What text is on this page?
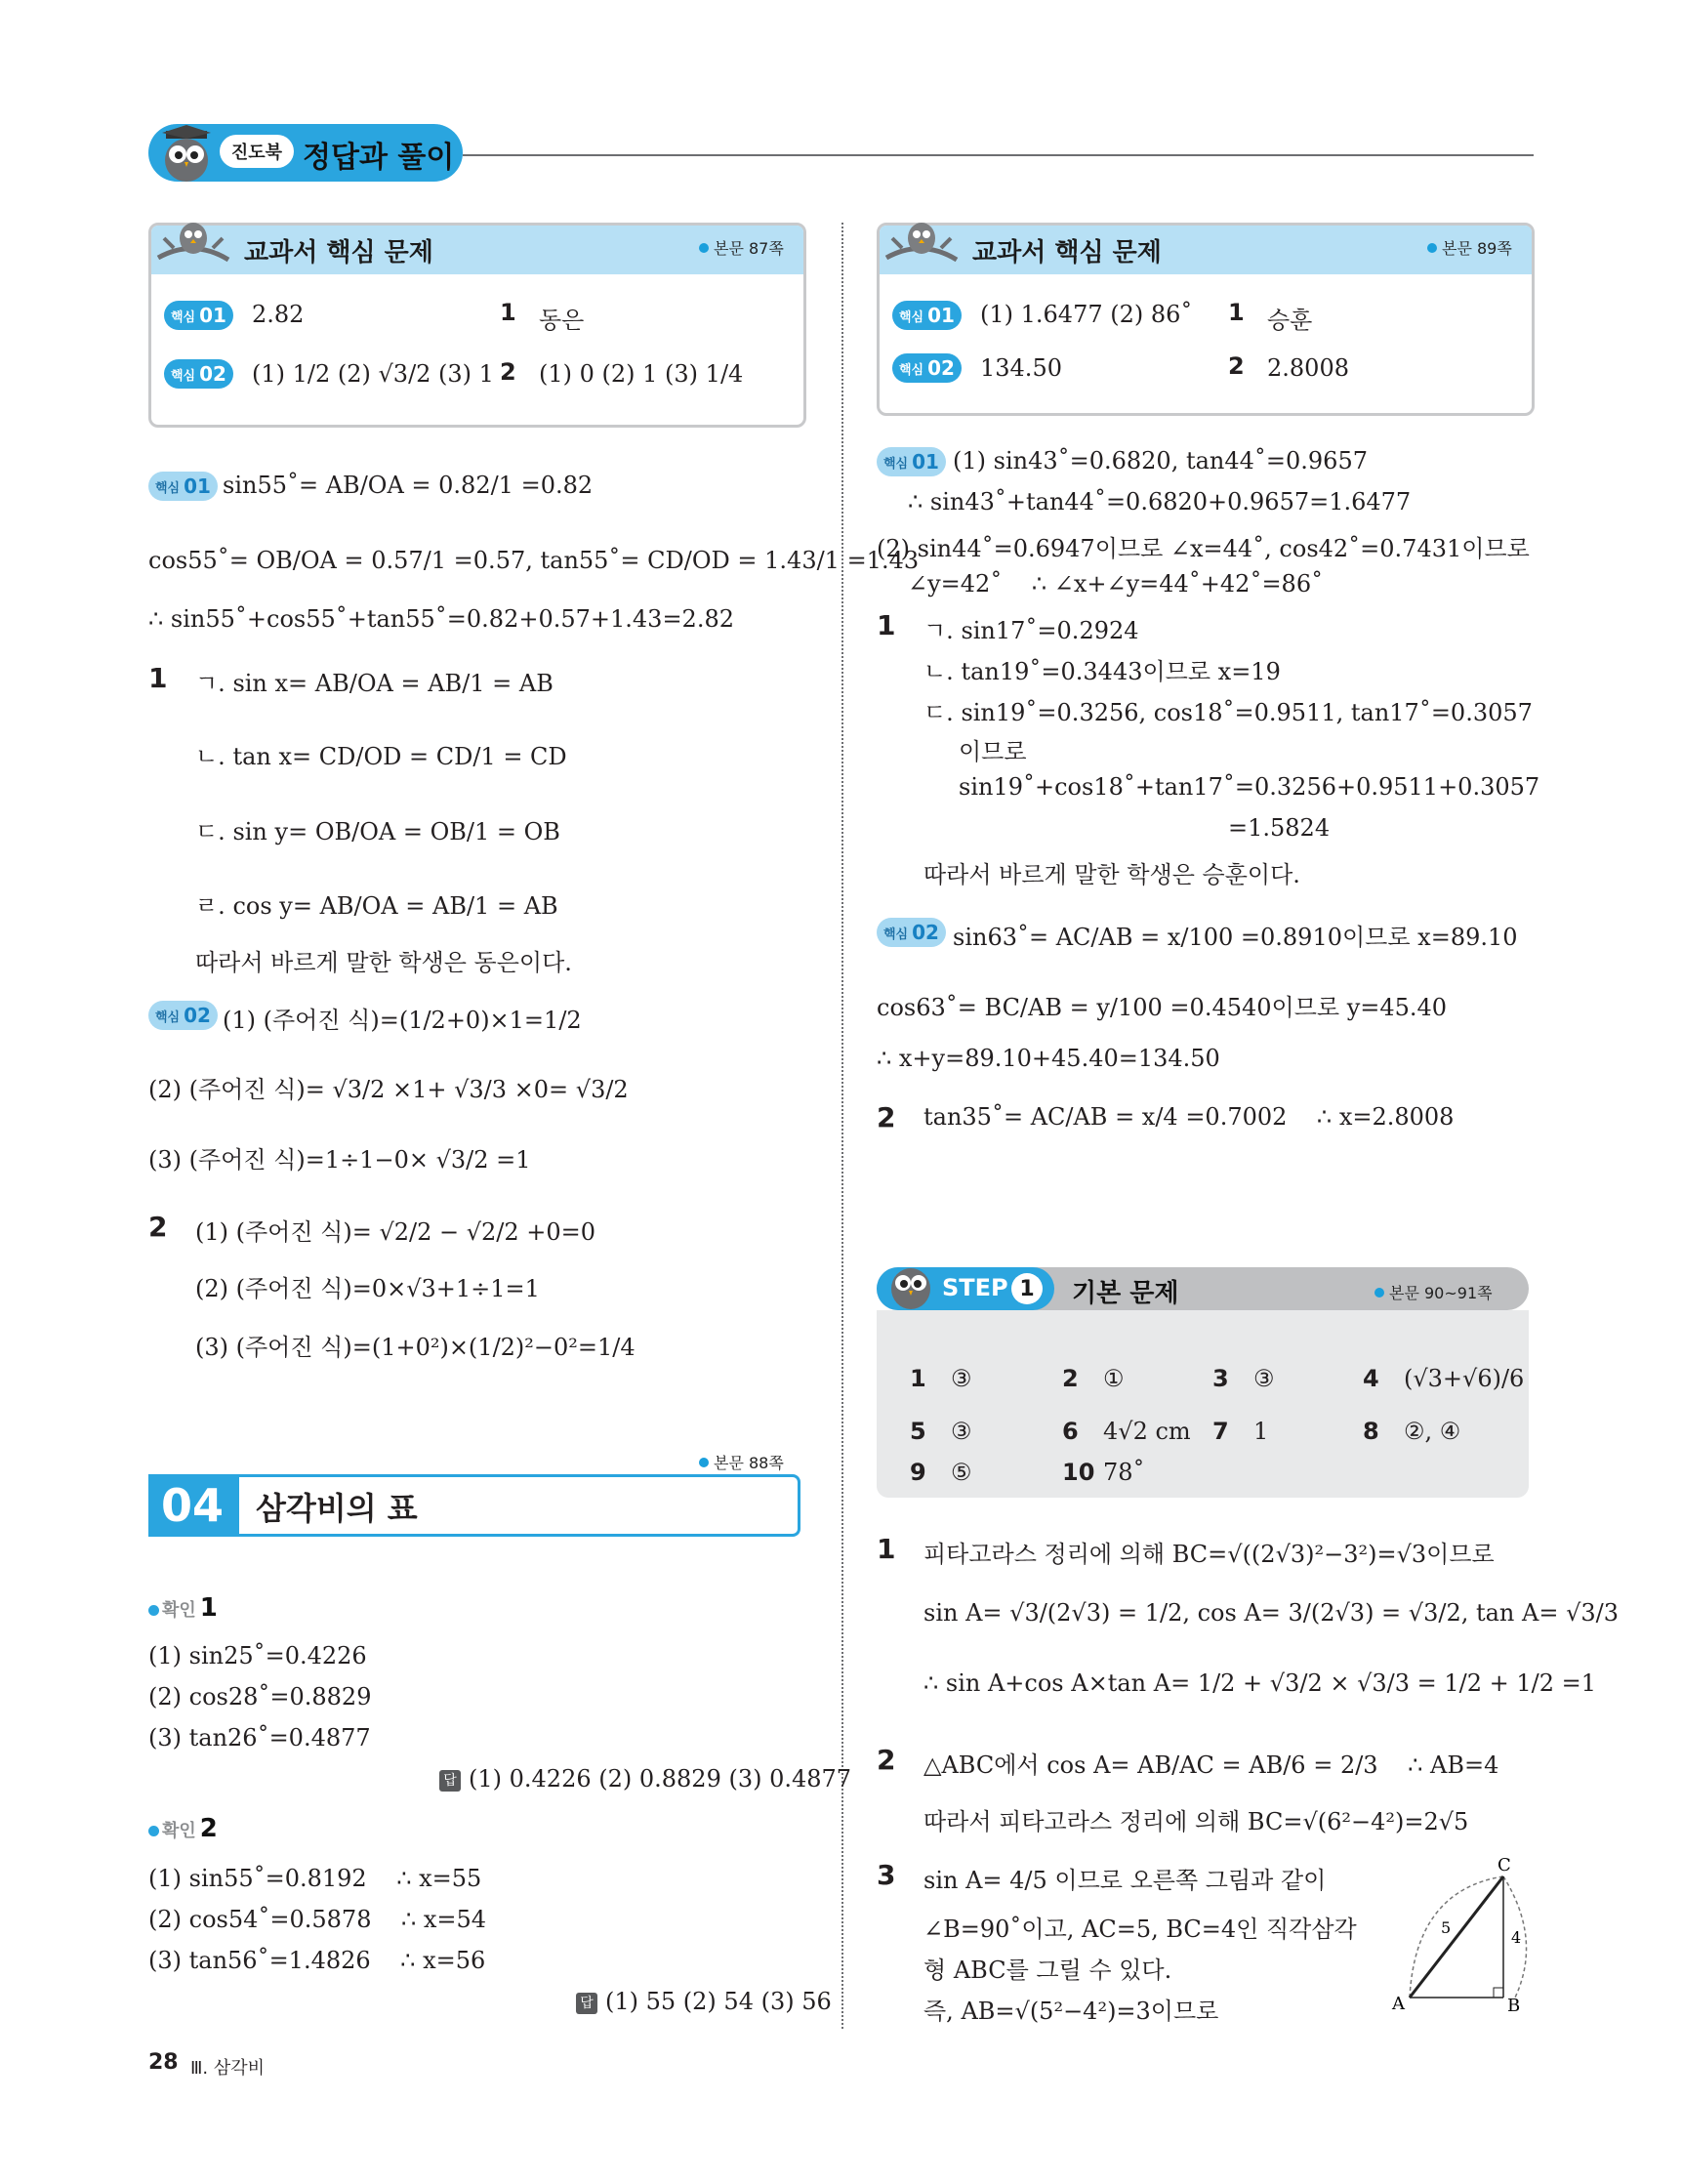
진도북 정답과 풀이
교과서 핵심 문제	본문 87쪽
핵심 01 2.82	1 동은
핵심 02 (1) 1/2 (2) √3/2 (3) 1 2 (1) 0 (2) 1 (3) 1/4
교과서 핵심 문제	본문 89쪽
핵심 01 (1) 1.6477 (2) 86˚ 1 승훈
핵심 02 134.50	2 2.8008
핵심 01 sin55˚= AB/OA = 0.82/1 =0.82
cos55˚= OB/OA = 0.57/1 =0.57, tan55˚= CD/OD = 1.43/1 =1.43
∴ sin55˚+cos55˚+tan55˚=0.82+0.57+1.43=2.82
1 ㄱ. sin x= AB/OA = AB/1 = AB
ㄴ. tan x= CD/OD = CD/1 = CD
ㄷ. sin y= OB/OA = OB/1 = OB
ㄹ. cos y= AB/OA = AB/1 = AB
따라서 바르게 말한 학생은 동은이다.
핵심 02 (1) (주어진 식)=(1/2+0)×1=1/2
(2) (주어진 식)= √3/2 ×1+ √3/3 ×0= √3/2
(3) (주어진 식)=1÷1−0× √3/2 =1
2 (1) (주어진 식)= √2/2 − √2/2 +0=0
(2) (주어진 식)=0×√3+1÷1=1
(3) (주어진 식)=(1+0²)×(1/2)²−0²=1/4
본문 88쪽
04	삼각비의 표
확인 1
(1) sin25˚=0.4226
(2) cos28˚=0.8829
(3) tan26˚=0.4877
답 (1) 0.4226 (2) 0.8829 (3) 0.4877
확인 2
(1) sin55˚=0.8192    ∴ x=55
(2) cos54˚=0.5878    ∴ x=54
(3) tan56˚=1.4826    ∴ x=56
답 (1) 55 (2) 54 (3) 56
핵심 01 (1) sin43˚=0.6820, tan44˚=0.9657
∴ sin43˚+tan44˚=0.6820+0.9657=1.6477
(2) sin44˚=0.6947이므로 ∠x=44˚, cos42˚=0.7431이므로
∠y=42˚    ∴ ∠x+∠y=44˚+42˚=86˚
1 ㄱ. sin17˚=0.2924
ㄴ. tan19˚=0.3443이므로 x=19
ㄷ. sin19˚=0.3256, cos18˚=0.9511, tan17˚=0.3057
이므로
sin19˚+cos18˚+tan17˚=0.3256+0.9511+0.3057
=1.5824
따라서 바르게 말한 학생은 승훈이다.
핵심 02 sin63˚= AC/AB = x/100 =0.8910이므로 x=89.10
cos63˚= BC/AB = y/100 =0.4540이므로 y=45.40
∴ x+y=89.10+45.40=134.50
2 tan35˚= AC/AB = x/4 =0.7002    ∴ x=2.8008
STEP 1	기본 문제	본문 90~91쪽
1 ③	2 ①	3 ③	4 (√3+√6)/6
5 ③	6 4√2 cm 7 1	8 ②, ④
9 ⑤	10 78˚
1 피타고라스 정리에 의해 BC=√((2√3)²−3²)=√3이므로
sin A= √3/(2√3) = 1/2, cos A= 3/(2√3) = √3/2, tan A= √3/3
∴ sin A+cos A×tan A= 1/2 + √3/2 × √3/3 = 1/2 + 1/2 =1
2 △ABC에서 cos A= AB/AC = AB/6 = 2/3    ∴ AB=4
따라서 피타고라스 정리에 의해 BC=√(6²−4²)=2√5
3 sin A= 4/5 이므로 오른쪽 그림과 같이
∠B=90˚이고, AC=5, BC=4인 직각삼각
형 ABC를 그릴 수 있다.
즉, AB=√(5²−4²)=3이므로	A	B
C
5
4
28 Ⅲ. 삼각비
